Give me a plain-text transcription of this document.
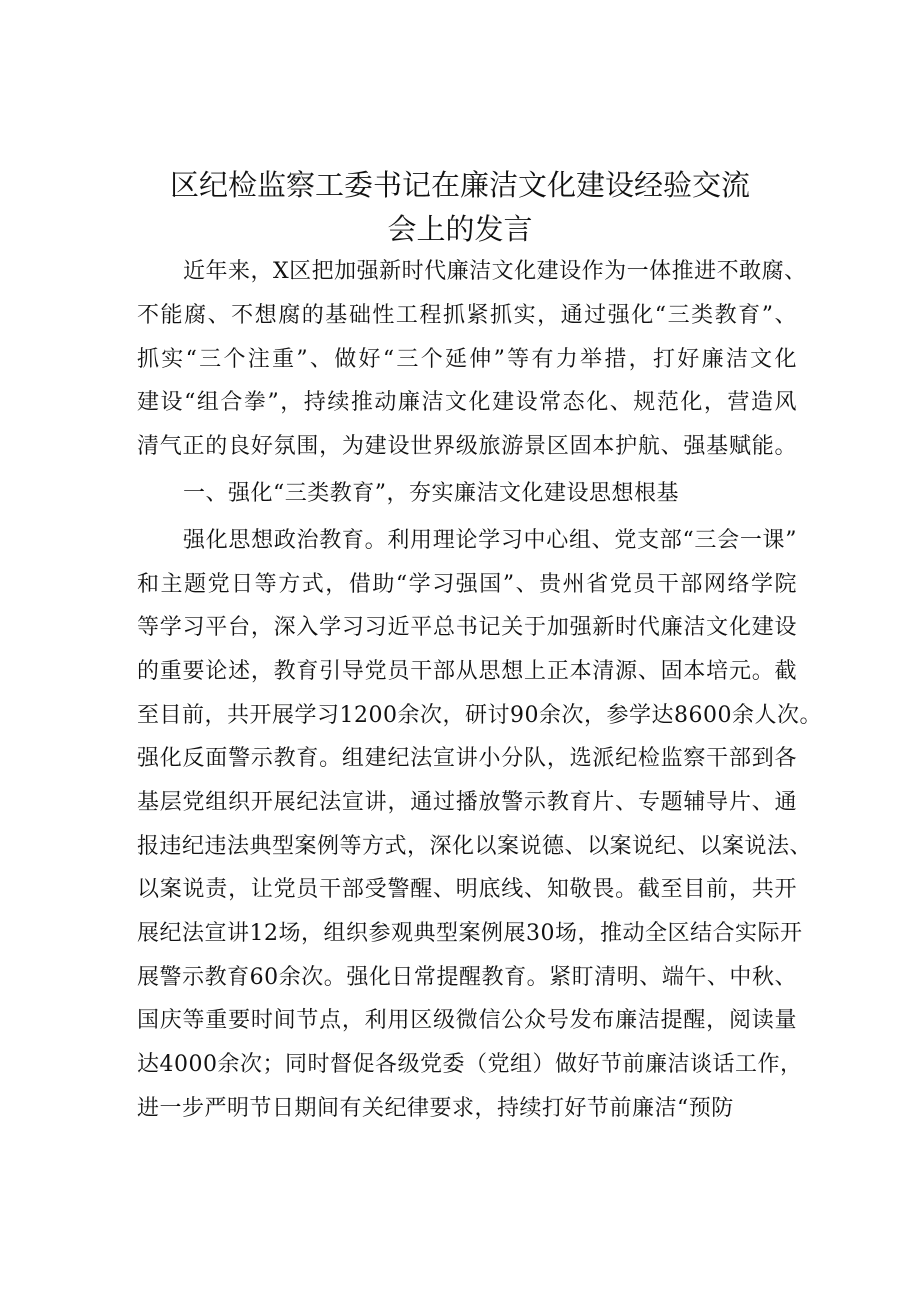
区纪检监察工委书记在廉洁文化建设经验交流
会上的发言
近年来，X区把加强新时代廉洁文化建设作为一体推进不敢腐、
不能腐、不想腐的基础性工程抓紧抓实，通过强化“三类教育”、
抓实“三个注重”、做好“三个延伸”等有力举措，打好廉洁文化
建设“组合拳”，持续推动廉洁文化建设常态化、规范化，营造风
清气正的良好氛围，为建设世界级旅游景区固本护航、强基赋能。
一、强化“三类教育”，夯实廉洁文化建设思想根基
强化思想政治教育。利用理论学习中心组、党支部“三会一课”
和主题党日等方式，借助“学习强国”、贵州省党员干部网络学院
等学习平台，深入学习习近平总书记关于加强新时代廉洁文化建设
的重要论述，教育引导党员干部从思想上正本清源、固本培元。截
至目前，共开展学习1200余次，研讨90余次，参学达8600余人次。
强化反面警示教育。组建纪法宣讲小分队，选派纪检监察干部到各
基层党组织开展纪法宣讲，通过播放警示教育片、专题辅导片、通
报违纪违法典型案例等方式，深化以案说德、以案说纪、以案说法、
以案说责，让党员干部受警醒、明底线、知敬畏。截至目前，共开
展纪法宣讲12场，组织参观典型案例展30场，推动全区结合实际开
展警示教育60余次。强化日常提醒教育。紧盯清明、端午、中秋、
国庆等重要时间节点，利用区级微信公众号发布廉洁提醒，阅读量
达4000余次；同时督促各级党委（党组）做好节前廉洁谈话工作，
进一步严明节日期间有关纪律要求，持续打好节前廉洁“预防
